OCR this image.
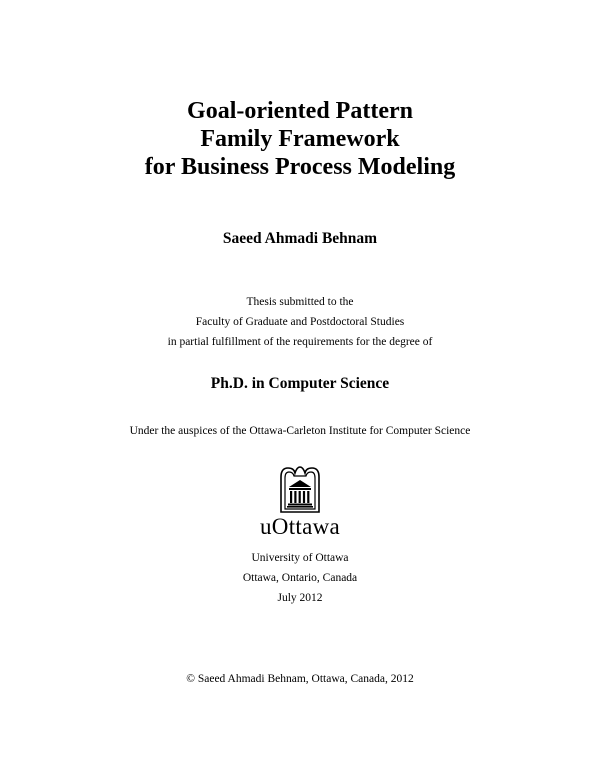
Goal-oriented Pattern
Family Framework
for Business Process Modeling

Saeed Ahmadi Behnam

Thesis submitted to the
Faculty of Graduate and Postdoctoral Studies
in partial fulfillment of the requirements for the degree of

Ph.D. in Computer Science

Under the auspices of the Ottawa-Carleton Institute for Computer Science

uOttawa

University of Ottawa
Ottawa, Ontario, Canada
July 2012

© Saeed Ahmadi Behnam, Ottawa, Canada, 2012
